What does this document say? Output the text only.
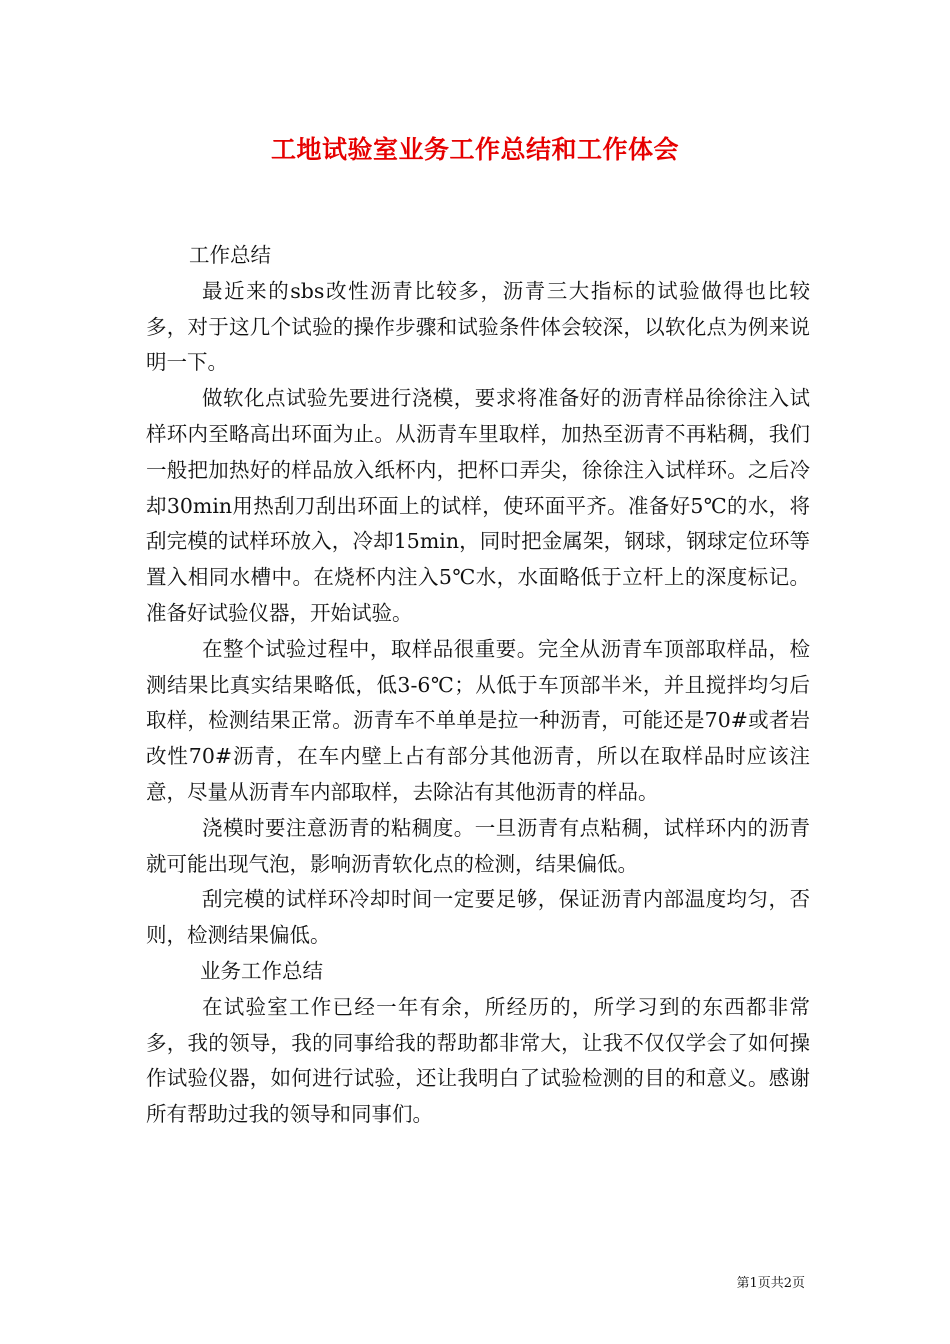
工地试验室业务工作总结和工作体会

工作总结

最近来的sbs改性沥青比较多，沥青三大指标的试验做得也比较多，对于这几个试验的操作步骤和试验条件体会较深，以软化点为例来说明一下。

做软化点试验先要进行浇模，要求将准备好的沥青样品徐徐注入试样环内至略高出环面为止。从沥青车里取样，加热至沥青不再粘稠，我们一般把加热好的样品放入纸杯内，把杯口弄尖，徐徐注入试样环。之后冷却30min用热刮刀刮出环面上的试样，使环面平齐。准备好5℃的水，将刮完模的试样环放入，冷却15min，同时把金属架，钢球，钢球定位环等置入相同水槽中。在烧杯内注入5℃水，水面略低于立杆上的深度标记。准备好试验仪器，开始试验。

在整个试验过程中，取样品很重要。完全从沥青车顶部取样品，检测结果比真实结果略低，低3-6℃；从低于车顶部半米，并且搅拌均匀后取样，检测结果正常。沥青车不单单是拉一种沥青，可能还是70#或者岩改性70#沥青，在车内壁上占有部分其他沥青，所以在取样品时应该注意，尽量从沥青车内部取样，去除沾有其他沥青的样品。

浇模时要注意沥青的粘稠度。一旦沥青有点粘稠，试样环内的沥青就可能出现气泡，影响沥青软化点的检测，结果偏低。

刮完模的试样环冷却时间一定要足够，保证沥青内部温度均匀，否则，检测结果偏低。

业务工作总结

在试验室工作已经一年有余，所经历的，所学习到的东西都非常多，我的领导，我的同事给我的帮助都非常大，让我不仅仅学会了如何操作试验仪器，如何进行试验，还让我明白了试验检测的目的和意义。感谢所有帮助过我的领导和同事们。

第1页共2页
